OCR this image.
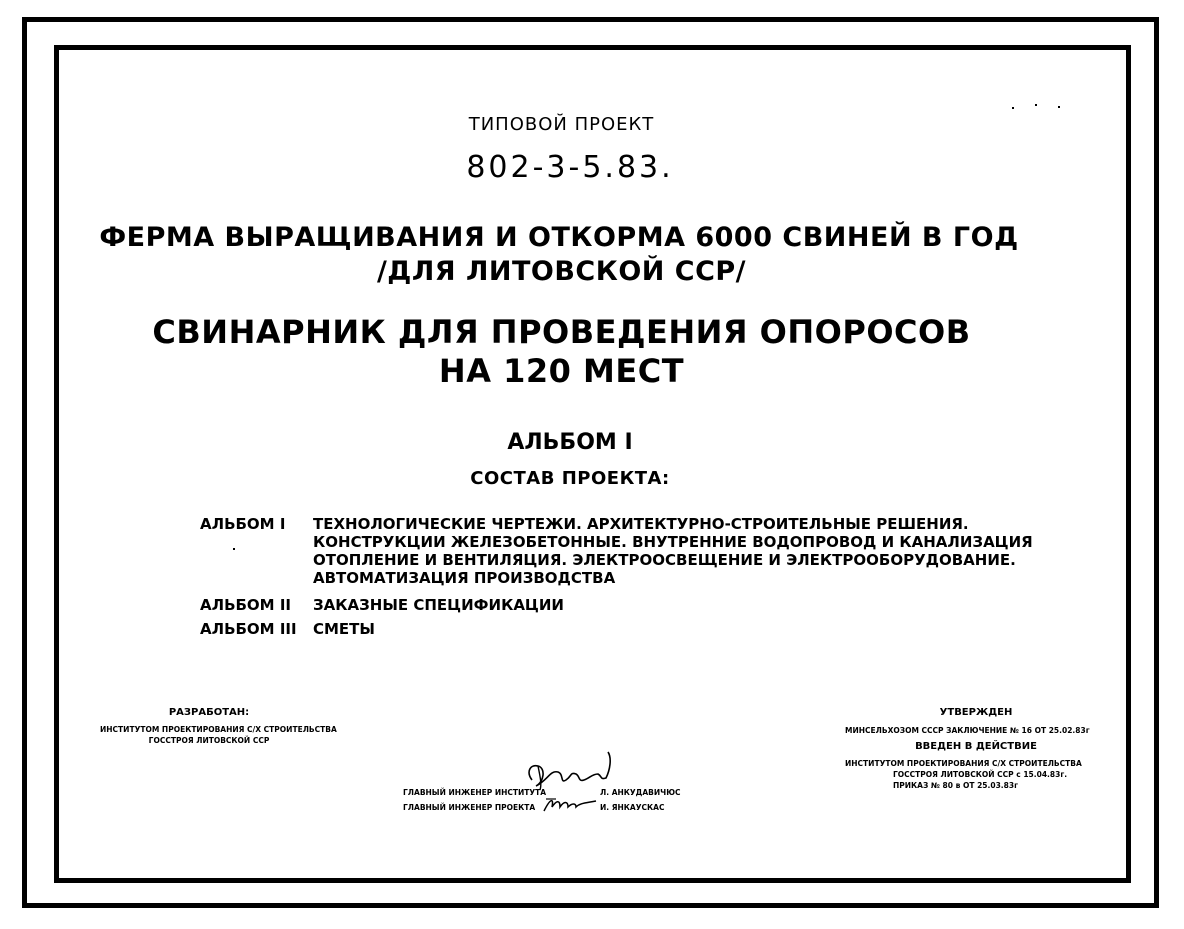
ТИПОВОЙ ПРОЕКТ
802-3-5.83.
ФЕРМА ВЫРАЩИВАНИЯ И ОТКОРМА 6000 СВИНЕЙ В ГОД
/ДЛЯ ЛИТОВСКОЙ ССР/
СВИНАРНИК ДЛЯ ПРОВЕДЕНИЯ ОПОРОСОВ
НА 120 МЕСТ
АЛЬБОМ I
СОСТАВ ПРОЕКТА:
АЛЬБОМ I ТЕХНОЛОГИЧЕСКИЕ ЧЕРТЕЖИ. АРХИТЕКТУРНО-СТРОИТЕЛЬНЫЕ РЕШЕНИЯ.
КОНСТРУКЦИИ ЖЕЛЕЗОБЕТОННЫЕ. ВНУТРЕННИЕ ВОДОПРОВОД И КАНАЛИЗАЦИЯ
ОТОПЛЕНИЕ И ВЕНТИЛЯЦИЯ. ЭЛЕКТРООСВЕЩЕНИЕ И ЭЛЕКТРООБОРУДОВАНИЕ.
АВТОМАТИЗАЦИЯ ПРОИЗВОДСТВА
АЛЬБОМ II ЗАКАЗНЫЕ СПЕЦИФИКАЦИИ
АЛЬБОМ III СМЕТЫ
РАЗРАБОТАН:
ИНСТИТУТОМ ПРОЕКТИРОВАНИЯ С/Х СТРОИТЕЛЬСТВА
ГОССТРОЯ ЛИТОВСКОЙ ССР
ГЛАВНЫЙ ИНЖЕНЕР ИНСТИТУТА	Л. АНКУДАВИЧЮС
ГЛАВНЫЙ ИНЖЕНЕР ПРОЕКТА	И. ЯНКАУСКАС
УТВЕРЖДЕН
МИНСЕЛЬХОЗОМ СССР ЗАКЛЮЧЕНИЕ № 16 ОТ 25.02.83г
ВВЕДЕН В ДЕЙСТВИЕ
ИНСТИТУТОМ ПРОЕКТИРОВАНИЯ С/Х СТРОИТЕЛЬСТВА
ГОССТРОЯ ЛИТОВСКОЙ ССР с 15.04.83г.
ПРИКАЗ № 80 в ОТ 25.03.83г
